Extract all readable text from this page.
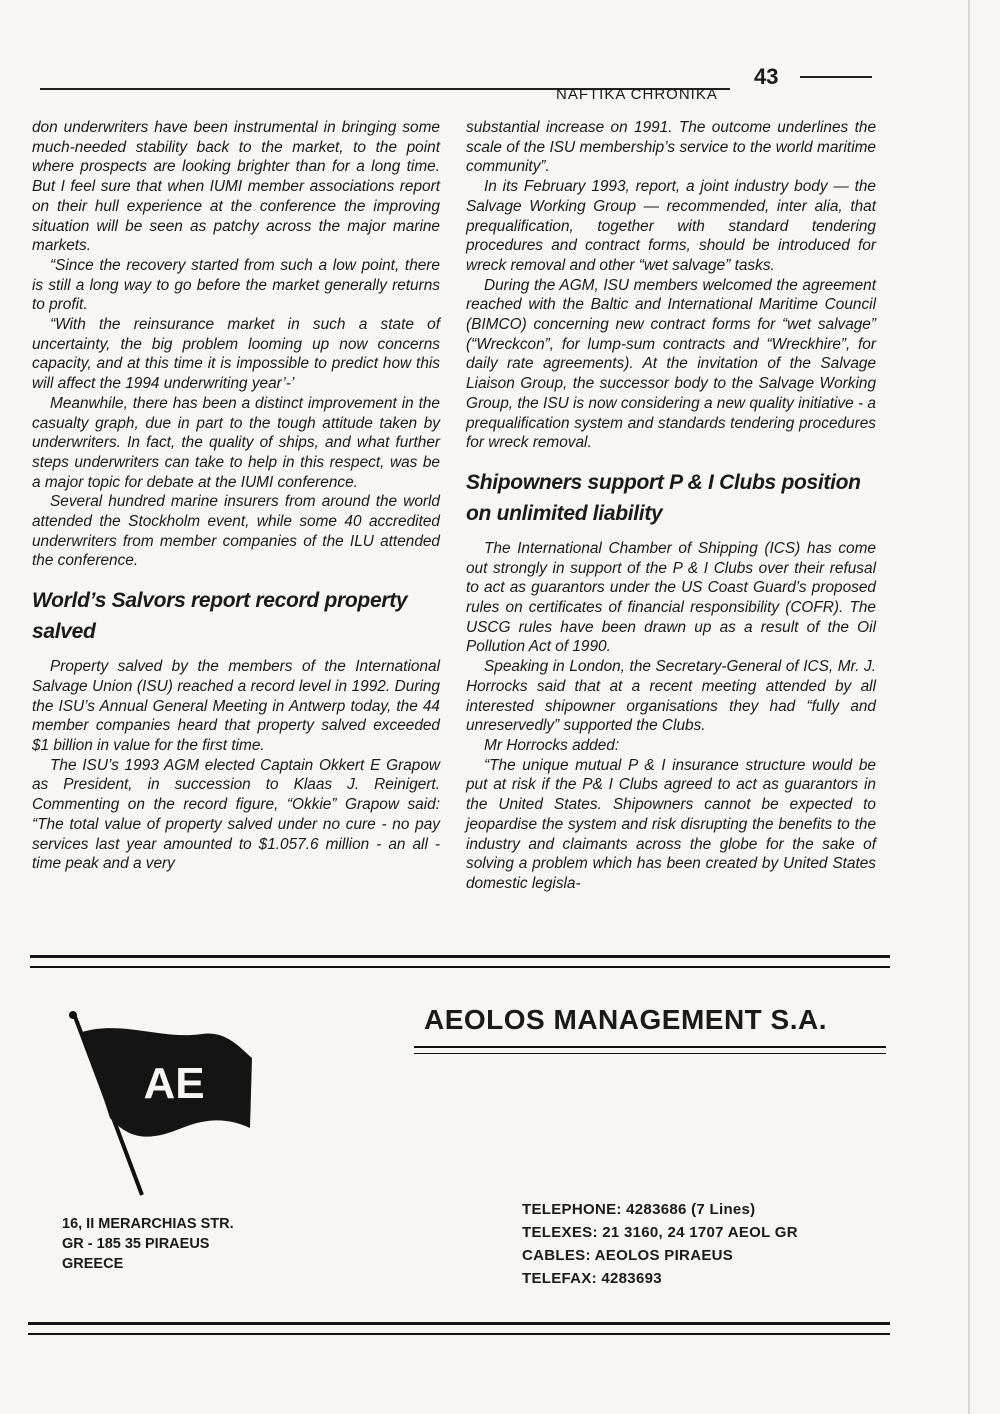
43
NAFTIKA CHRONIKA

don underwriters have been instrumental in bringing some much-needed stability back to the market, to the point where prospects are looking brighter than for a long time. But I feel sure that when IUMI member associations report on their hull experience at the conference the improving situation will be seen as patchy across the major marine markets.

“Since the recovery started from such a low point, there is still a long way to go before the market generally returns to profit.

“With the reinsurance market in such a state of uncertainty, the big problem looming up now concerns capacity, and at this time it is impossible to predict how this will affect the 1994 underwriting year’-’

Meanwhile, there has been a distinct improvement in the casualty graph, due in part to the tough attitude taken by underwriters. In fact, the quality of ships, and what further steps underwriters can take to help in this respect, was be a major topic for debate at the IUMI conference.

Several hundred marine insurers from around the world attended the Stockholm event, while some 40 accredited underwriters from member companies of the ILU attended the conference.

World’s Salvors report record property salved

Property salved by the members of the International Salvage Union (ISU) reached a record level in 1992. During the ISU’s Annual General Meeting in Antwerp today, the 44 member companies heard that property salved exceeded $1 billion in value for the first time.

The ISU’s 1993 AGM elected Captain Okkert E Grapow as President, in succession to Klaas J. Reinigert. Commenting on the record figure, “Okkie” Grapow said: “The total value of property salved under no cure - no pay services last year amounted to $1.057.6 million - an all - time peak and a very

substantial increase on 1991. The outcome underlines the scale of the ISU membership’s service to the world maritime community”.

In its February 1993, report, a joint industry body — the Salvage Working Group — recommended, inter alia, that prequalification, together with standard tendering procedures and contract forms, should be introduced for wreck removal and other “wet salvage” tasks.

During the AGM, ISU members welcomed the agreement reached with the Baltic and International Maritime Council (BIMCO) concerning new contract forms for “wet salvage” (“Wreckcon”, for lump-sum contracts and “Wreckhire”, for daily rate agreements). At the invitation of the Salvage Liaison Group, the successor body to the Salvage Working Group, the ISU is now considering a new quality initiative - a prequalification system and standards tendering procedures for wreck removal.

Shipowners support P & I Clubs position on unlimited liability

The International Chamber of Shipping (ICS) has come out strongly in support of the P & I Clubs over their refusal to act as guarantors under the US Coast Guard’s proposed rules on certificates of financial responsibility (COFR). The USCG rules have been drawn up as a result of the Oil Pollution Act of 1990.

Speaking in London, the Secretary-General of ICS, Mr. J. Horrocks said that at a recent meeting attended by all interested shipowner organisations they had “fully and unreservedly” supported the Clubs.

Mr Horrocks added:

“The unique mutual P & I insurance structure would be put at risk if the P& I Clubs agreed to act as guarantors in the United States. Shipowners cannot be expected to jeopardise the system and risk disrupting the benefits to the industry and claimants across the globe for the sake of solving a problem which has been created by United States domestic legisla-

AE
AEOLOS MANAGEMENT S.A.
16, II MERARCHIAS STR.
GR - 185 35 PIRAEUS
GREECE
TELEPHONE: 4283686 (7 Lines)
TELEXES: 21 3160, 24 1707 AEOL GR
CABLES: AEOLOS PIRAEUS
TELEFAX: 4283693
